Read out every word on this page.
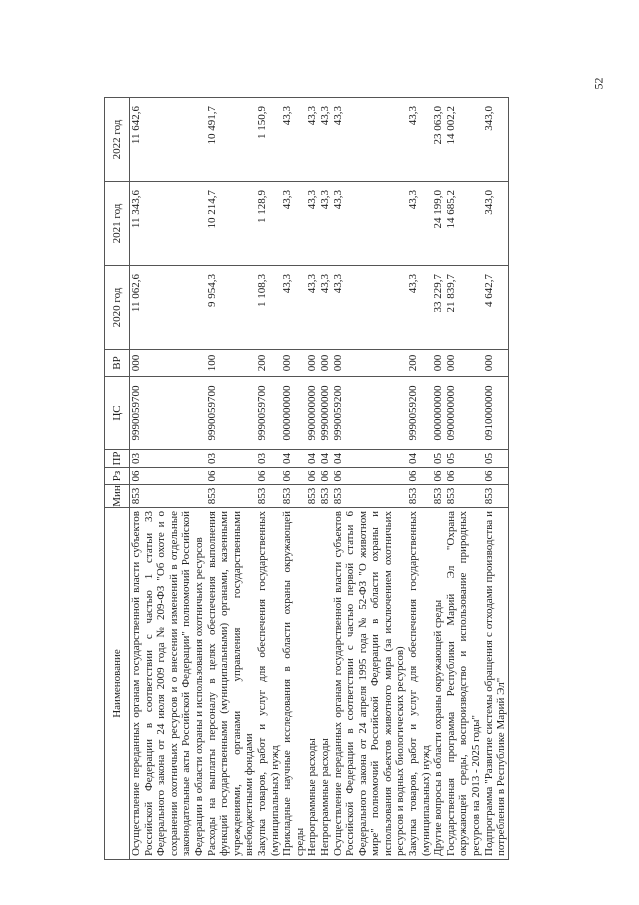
52
Наименование	Мин	Рз	ПР	ЦС	ВР	2020 год	2021 год	2022 год
Осуществление переданных органам государственной власти субъектов Российской Федерации в соответствии с частью 1 статьи 33 Федерального закона от 24 июля 2009 года № 209-ФЗ "Об охоте и о сохранении охотничьих ресурсов и о внесении изменений в отдельные законодательные акты Российской Федерации" полномочий Российской Федерации в области охраны и использования охотничьих ресурсов	853	06	03	9990059700	000	11 062,6	11 343,6	11 642,6
Расходы на выплаты персоналу в целях обеспечения выполнения функций государственными (муниципальными) органами, казенными учреждениями, органами управления государственными внебюджетными фондами	853	06	03	9990059700	100	9 954,3	10 214,7	10 491,7
Закупка товаров, работ и услуг для обеспечения государственных (муниципальных) нужд	853	06	03	9990059700	200	1 108,3	1 128,9	1 150,9
Прикладные научные исследования в области охраны окружающей среды	853	06	04	0000000000	000	43,3	43,3	43,3
Непрограммные расходы	853	06	04	9900000000	000	43,3	43,3	43,3
Непрограммные расходы	853	06	04	9990000000	000	43,3	43,3	43,3
Осуществление переданных органам государственной власти субъектов Российской Федерации в соответствии с частью первой статьи 6 Федерального закона от 24 апреля 1995 года № 52-ФЗ "О животном мире" полномочий Российской Федерации в области охраны и использования объектов животного мира (за исключением охотничьих ресурсов и водных биологических ресурсов)	853	06	04	9990059200	000	43,3	43,3	43,3
Закупка товаров, работ и услуг для обеспечения государственных (муниципальных) нужд	853	06	04	9990059200	200	43,3	43,3	43,3
Другие вопросы в области охраны окружающей среды	853	06	05	0000000000	000	33 229,7	24 199,0	23 063,0
Государственная программа Республики Марий Эл "Охрана окружающей среды, воспроизводство и использование природных ресурсов на 2013 - 2025 годы"	853	06	05	0900000000	000	21 839,7	14 685,2	14 002,2
Подпрограмма "Развитие системы обращения с отходами производства и потребления в Республике Марий Эл"	853	06	05	0910000000	000	4 642,7	343,0	343,0
